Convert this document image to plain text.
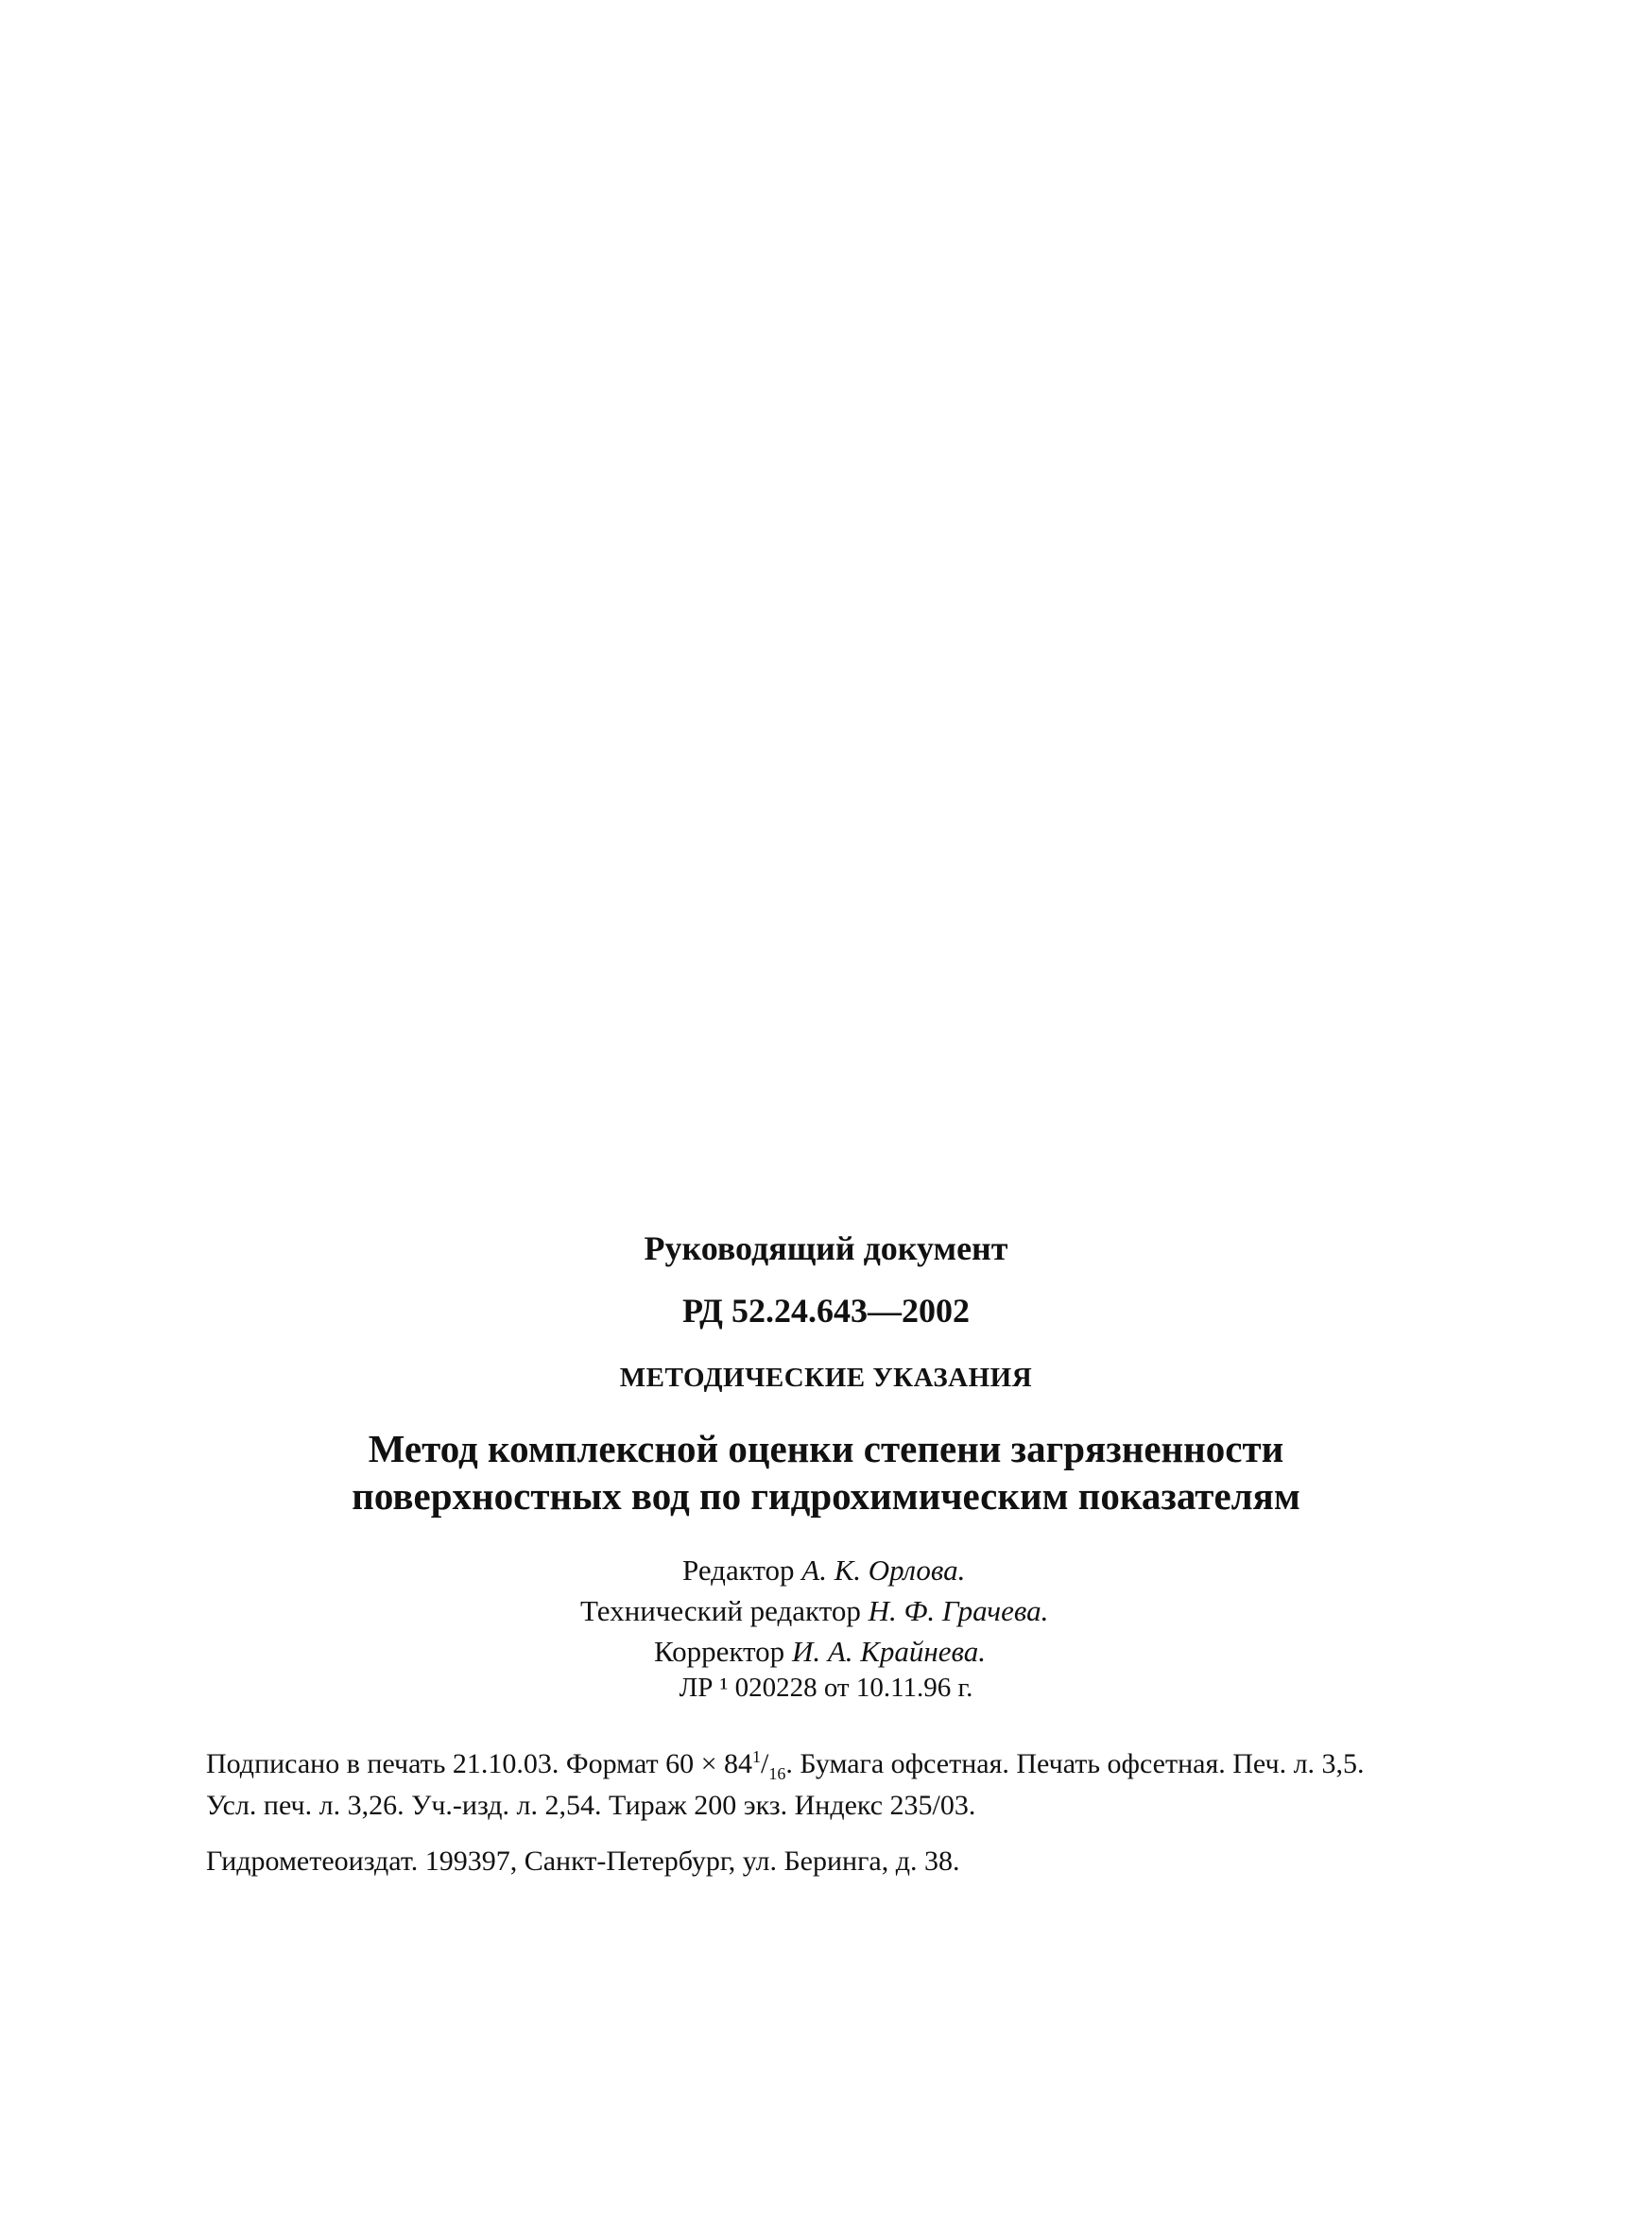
Руководящий документ
РД 52.24.643—2002
МЕТОДИЧЕСКИЕ УКАЗАНИЯ
Метод комплексной оценки степени загрязненности
поверхностных вод по гидрохимическим показателям
Редактор А. К. Орлова.
Технический редактор Н. Ф. Грачева.
Корректор И. А. Крайнева.
ЛР ¹ 020228 от 10.11.96 г.
Подписано в печать 21.10.03. Формат $60 \times 84^1/_{16}$. Бумага офсетная. Печать офсетная. Печ. л. 3,5.
Усл. печ. л. 3,26. Уч.-изд. л. 2,54. Тираж 200 экз. Индекс 235/03.
Гидрометеоиздат. 199397, Санкт-Петербург, ул. Беринга, д. 38.
